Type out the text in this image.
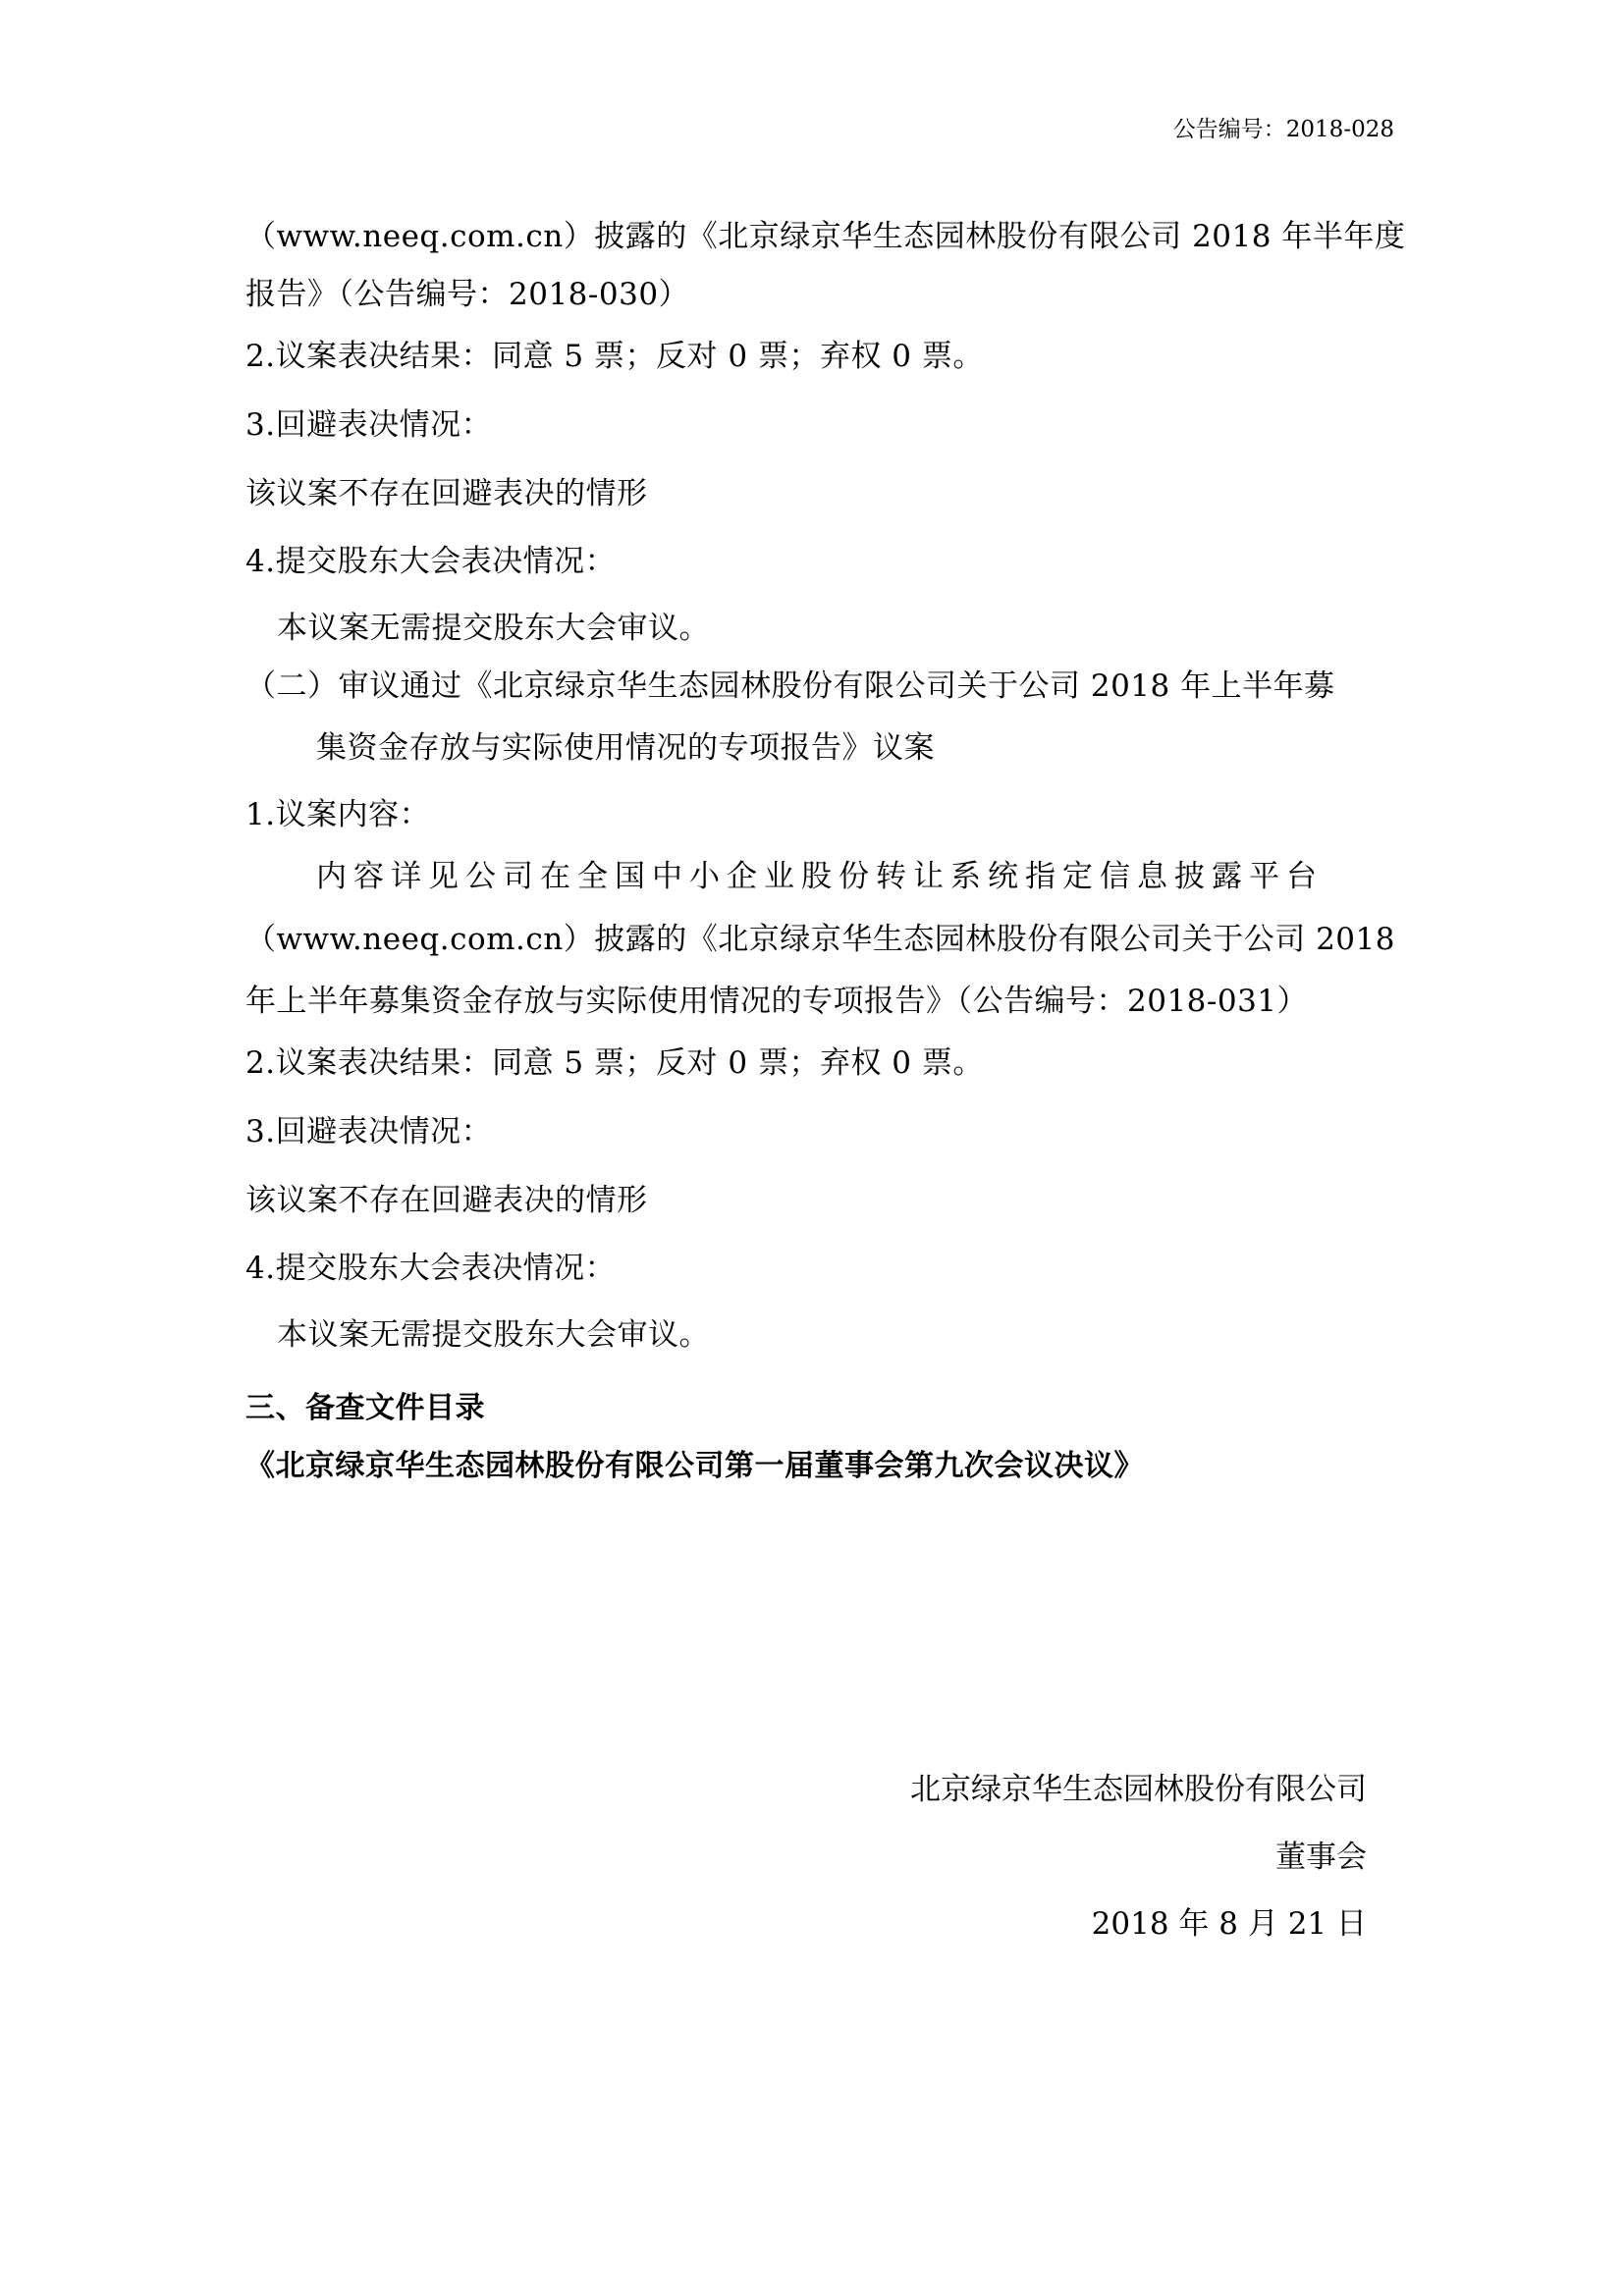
公告编号：2018-028
（www.neeq.com.cn）披露的《北京绿京华生态园林股份有限公司 2018 年半年度
报告》（公告编号：2018-030）
2.议案表决结果：同意 5 票；反对 0 票；弃权 0 票。
3.回避表决情况：
该议案不存在回避表决的情形
4.提交股东大会表决情况：
本议案无需提交股东大会审议。
（二）审议通过《北京绿京华生态园林股份有限公司关于公司 2018 年上半年募
集资金存放与实际使用情况的专项报告》议案
1.议案内容：
内容详见公司在全国中小企业股份转让系统指定信息披露平台
（www.neeq.com.cn）披露的《北京绿京华生态园林股份有限公司关于公司 2018
年上半年募集资金存放与实际使用情况的专项报告》（公告编号：2018-031）
2.议案表决结果：同意 5 票；反对 0 票；弃权 0 票。
3.回避表决情况：
该议案不存在回避表决的情形
4.提交股东大会表决情况：
本议案无需提交股东大会审议。
三、备查文件目录
《北京绿京华生态园林股份有限公司第一届董事会第九次会议决议》
北京绿京华生态园林股份有限公司
董事会
2018 年 8 月 21 日
